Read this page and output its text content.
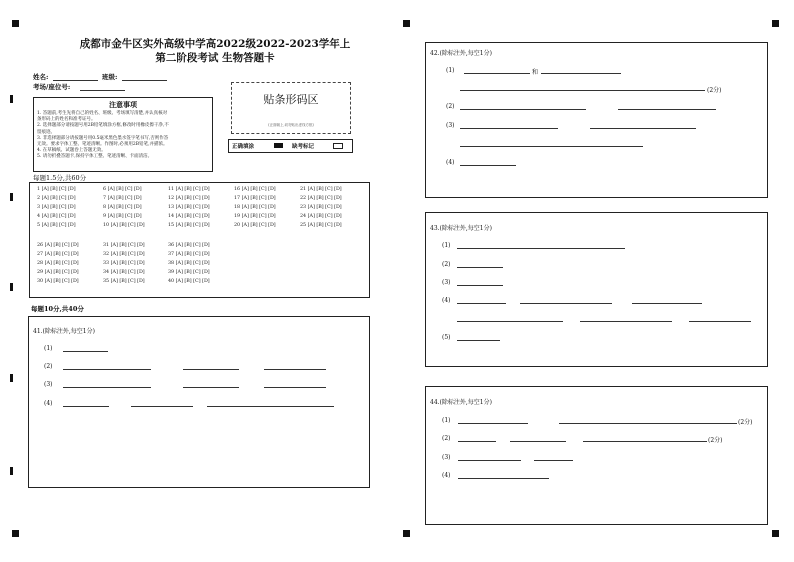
成都市金牛区实外高级中学高2022级2022-2023学年上
第二阶段考试 生物答题卡
姓名:	班级:
考场/座位号:
注意事项
1. 答题前,考生先将自己的姓名、班级、考场填写清楚,并认真核对
条形码上的姓名和准考证号。
2. 选择题部分请按题号用2B铅笔填涂方框,修改时用橡皮擦干净,不
留痕迹。
3. 非选择题部分请按题号用0.5毫米黑色墨水签字笔书写,否则作答
无效。要求字体工整、笔迹清晰。作图时,必须用2B铅笔,并描浓。
4. 在草稿纸、试题卷上答题无效。
5. 请勿折叠答题卡,保持字体工整、笔迹清晰、卡面清洁。
贴条形码区
(正面朝上,切勿贴出虚线方框)
正确填涂	缺考标记
每题1.5分,共60分
1 [A] [B] [C] [D]
2 [A] [B] [C] [D]
3 [A] [B] [C] [D]
4 [A] [B] [C] [D]
5 [A] [B] [C] [D]
6 [A] [B] [C] [D]
7 [A] [B] [C] [D]
8 [A] [B] [C] [D]
9 [A] [B] [C] [D]
10 [A] [B] [C] [D]
11 [A] [B] [C] [D]
12 [A] [B] [C] [D]
13 [A] [B] [C] [D]
14 [A] [B] [C] [D]
15 [A] [B] [C] [D]
16 [A] [B] [C] [D]
17 [A] [B] [C] [D]
18 [A] [B] [C] [D]
19 [A] [B] [C] [D]
20 [A] [B] [C] [D]
21 [A] [B] [C] [D]
22 [A] [B] [C] [D]
23 [A] [B] [C] [D]
24 [A] [B] [C] [D]
25 [A] [B] [C] [D]
26 [A] [B] [C] [D]
27 [A] [B] [C] [D]
28 [A] [B] [C] [D]
29 [A] [B] [C] [D]
30 [A] [B] [C] [D]
31 [A] [B] [C] [D]
32 [A] [B] [C] [D]
33 [A] [B] [C] [D]
34 [A] [B] [C] [D]
35 [A] [B] [C] [D]
36 [A] [B] [C] [D]
37 [A] [B] [C] [D]
38 [A] [B] [C] [D]
39 [A] [B] [C] [D]
40 [A] [B] [C] [D]
每题10分,共40分
41.(除标注外,每空1分)
(1)
(2)
(3)
(4)
42.(除标注外,每空1分)
(1)	和
(2分)
(2)
(3)
(4)
43.(除标注外,每空1分)
(1)
(2)
(3)
(4)
(5)
44.(除标注外,每空1分)
(1)	(2分)
(2)	(2分)
(3)
(4)
